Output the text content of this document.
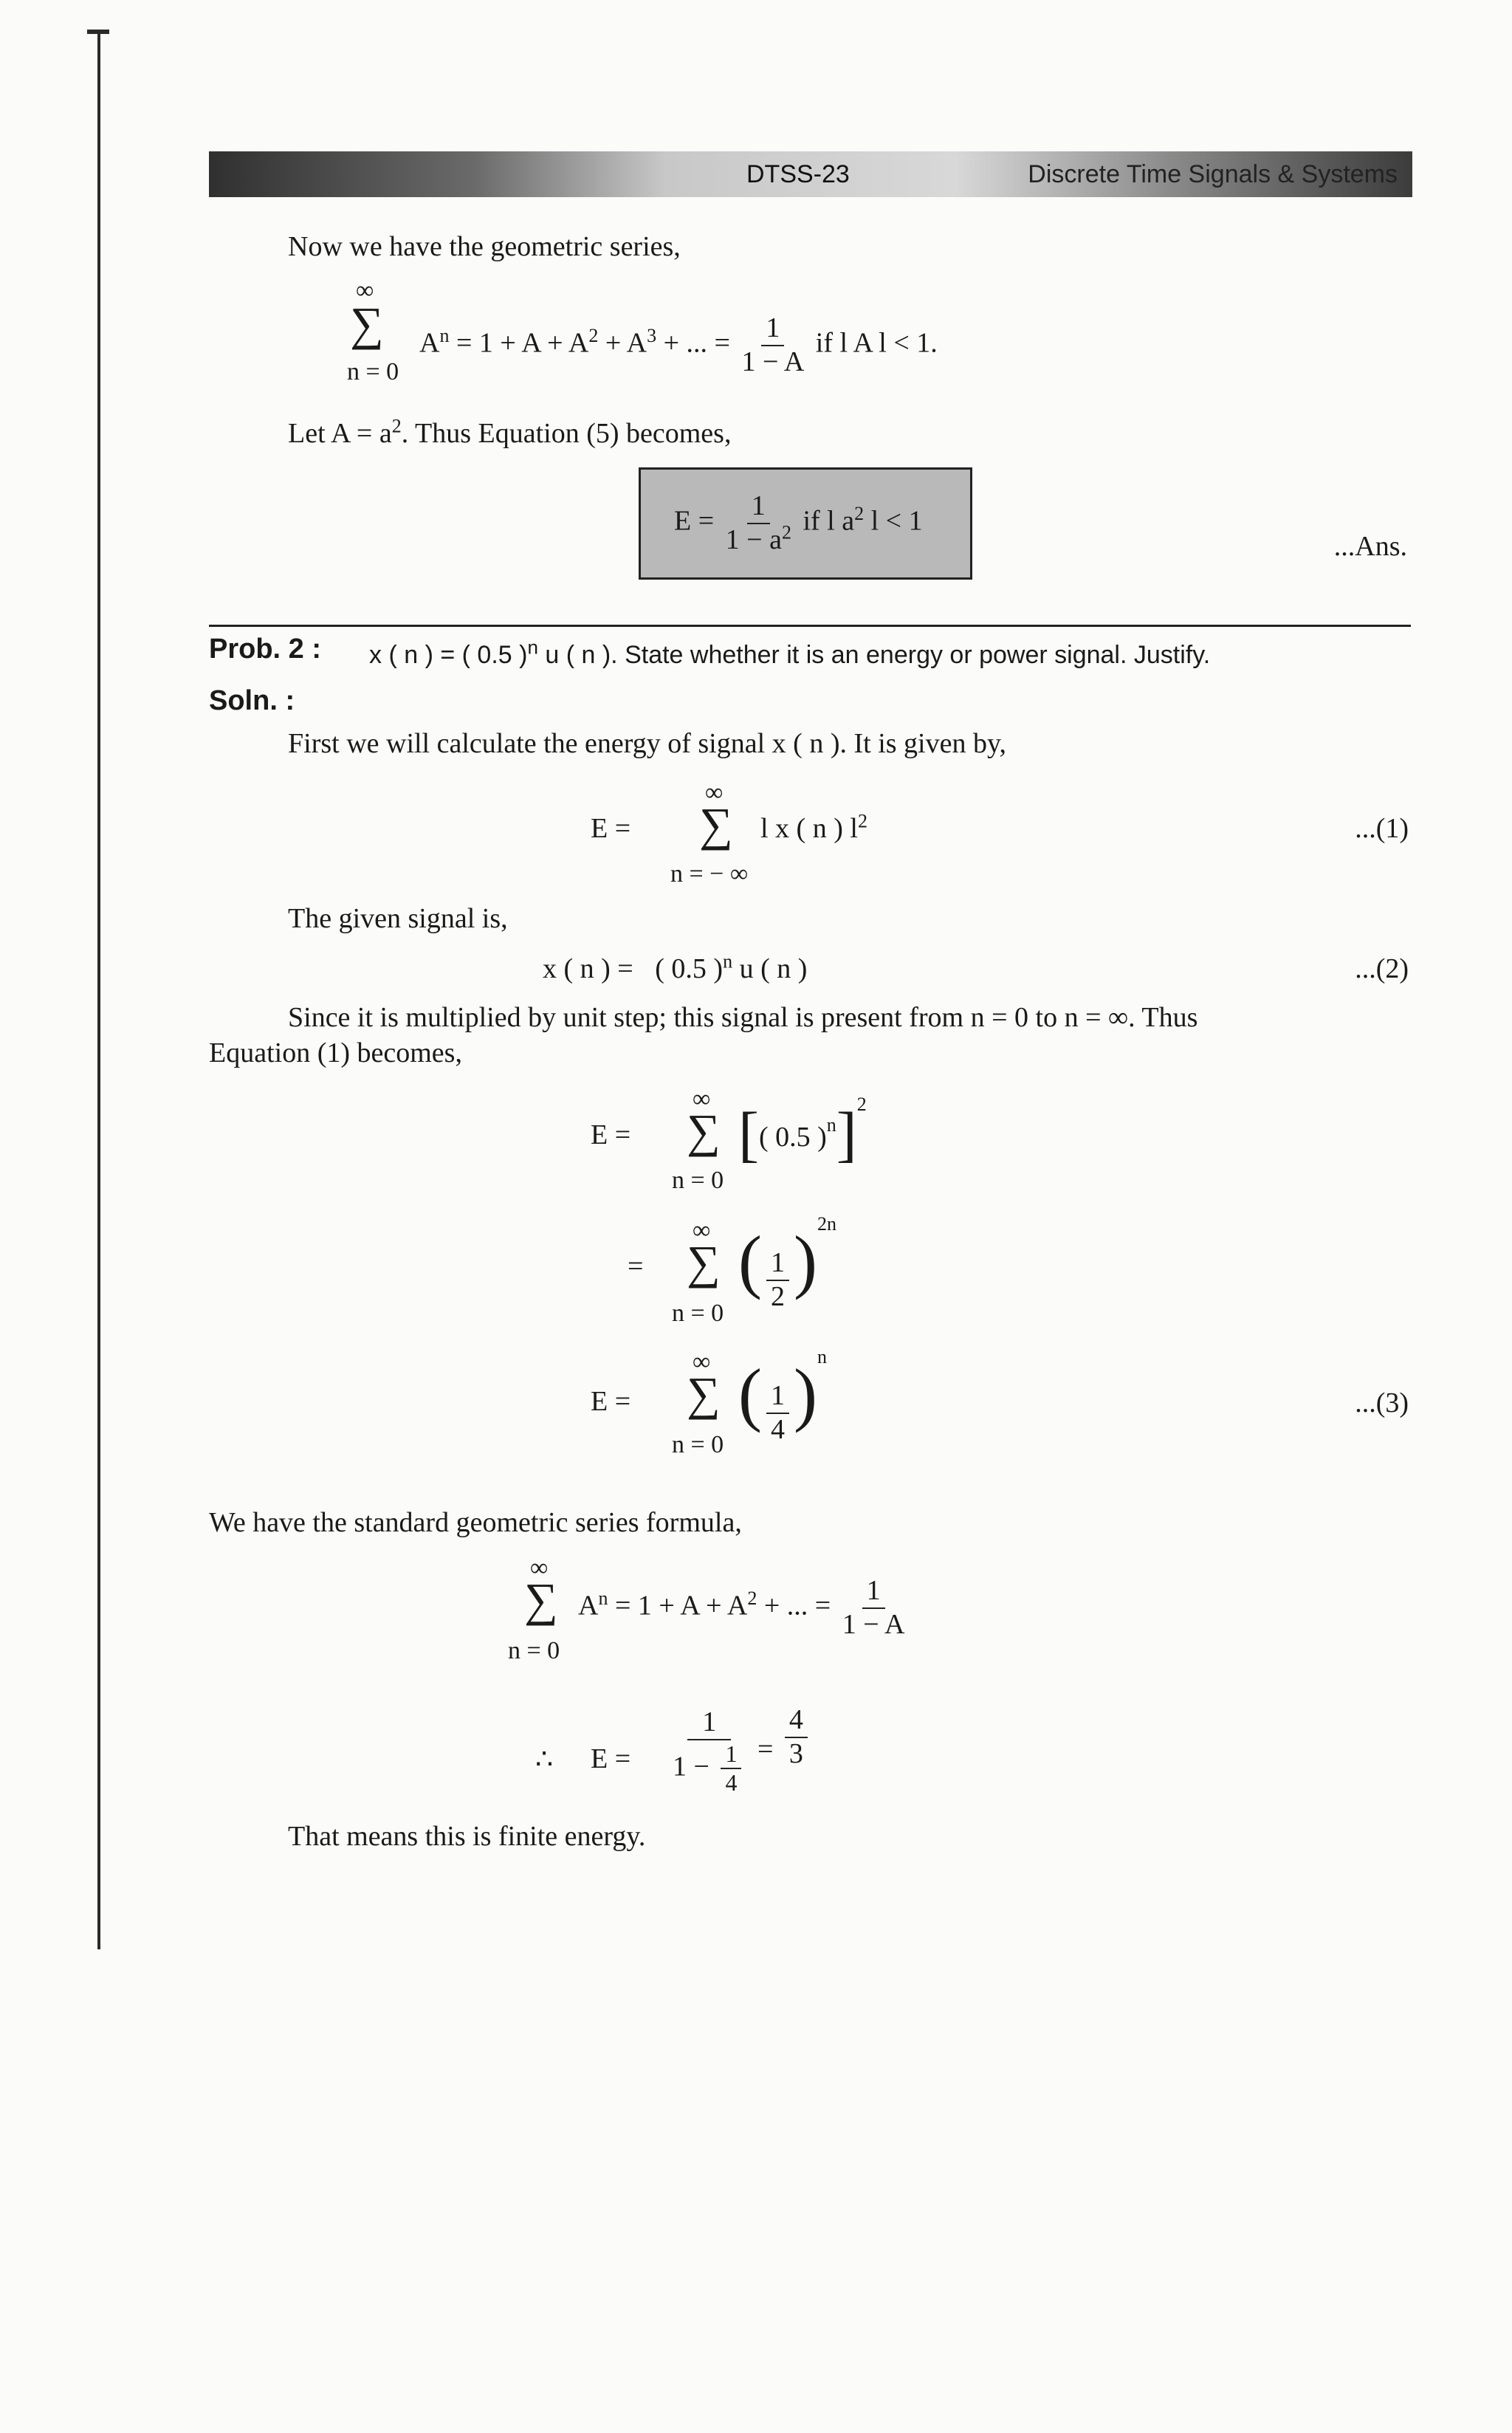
DTSS-23	Discrete Time Signals & Systems
Now we have the geometric series,
∞
∑
n = 0
$A^n = 1 + A + A^2 + A^3$ + ... = $\frac{1}{1 - A}$ if l A l < 1.
Let $A = a^2$. Thus Equation (5) becomes,
$E = \frac{1}{1 - a^2}$ if l $a^2$ l < 1
...Ans.
Prob. 2 : x ( n ) = ( 0.5 )$^n$ u ( n ). State whether it is an energy or power signal. Justify.
Soln. :
First we will calculate the energy of signal x ( n ). It is given by,
E =
∞
∑
n = − ∞
l x ( n ) $l^2$	...(1)
The given signal is,
x ( n ) = ( 0.5 )$^n$ u ( n )	...(2)
Since it is multiplied by unit step; this signal is present from n = 0 to n = ∞. Thus
Equation (1) becomes,
E =
∞
∑
n = 0
[( 0.5 )$^n$]$^2$
=
∞
∑
n = 0
( $\frac{1}{2} )^{2n}$
E =
∞
∑
n = 0
( $\frac{1}{4} )^n$
...(3)
We have the standard geometric series formula,
∞
∑
n = 0
$A^n = 1 + A + A^2$ + ... = $\frac{1}{1 - A}$
∴ $E = \frac{1}{1 - \frac{1}{4}} = \frac{4}{3}$
That means this is finite energy.
